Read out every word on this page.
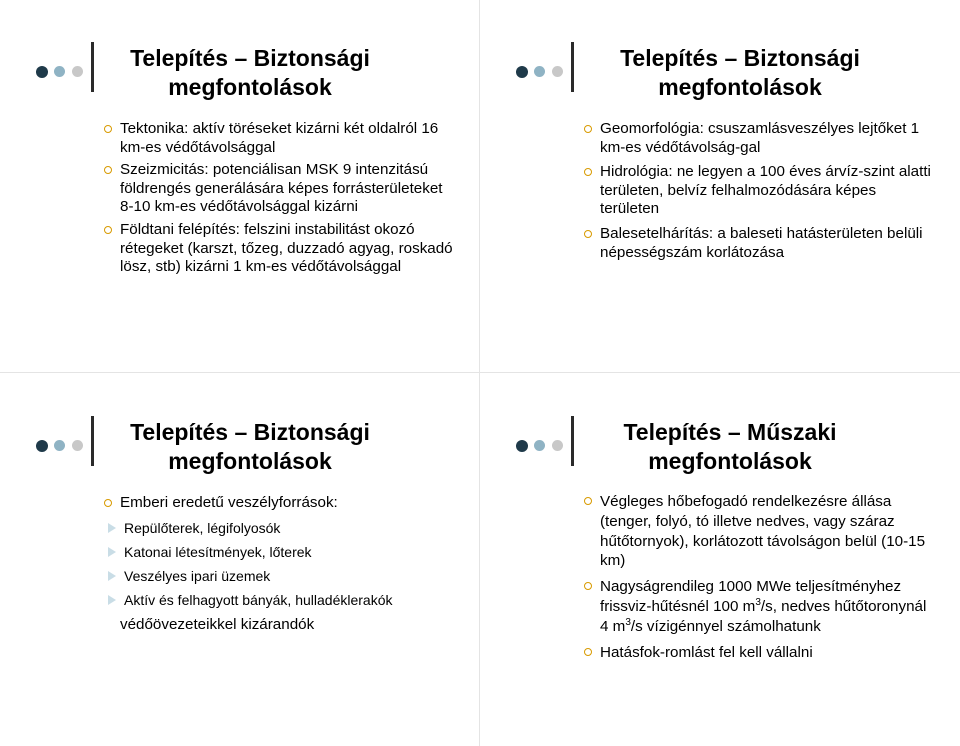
Telepítés – Biztonsági megfontolások

Tektonika: aktív töréseket kizárni két oldalról 16 km-es védőtávolsággal

Szeizmicitás: potenciálisan MSK 9 intenzitású földrengés generálására képes forrásterületeket 8-10 km-es védőtávolsággal kizárni

Földtani felépítés: felszini instabilitást okozó rétegeket (karszt, tőzeg, duzzadó agyag, roskadó lösz, stb) kizárni 1 km-es védőtávolsággal

Telepítés – Biztonsági megfontolások

Geomorfológia: csuszamlásveszélyes lejtőket 1 km-es védőtávolság-gal

Hidrológia: ne legyen a 100 éves árvíz-szint alatti területen, belvíz felhalmozódására képes területen

Balesetelhárítás: a baleseti hatásterületen belüli népességszám korlátozása

Telepítés – Biztonsági megfontolások

Emberi eredetű veszélyforrások:

Repülőterek, légifolyosók

Katonai létesítmények, lőterek

Veszélyes ipari üzemek

Aktív és felhagyott bányák, hulladéklerakók

védőövezeteikkel kizárandók
Telepítés – Műszaki megfontolások

Végleges hőbefogadó rendelkezésre állása (tenger, folyó, tó illetve nedves, vagy száraz hűtőtornyok), korlátozott távolságon belül (10-15 km)

Nagyságrendileg 1000 MWe teljesítményhez frissviz-hűtésnél 100 $m^3/s$, nedves hűtőtoronynál 4 $m^3/s$ vízigénnyel számolhatunk

Hatásfok-romlást fel kell vállalni
